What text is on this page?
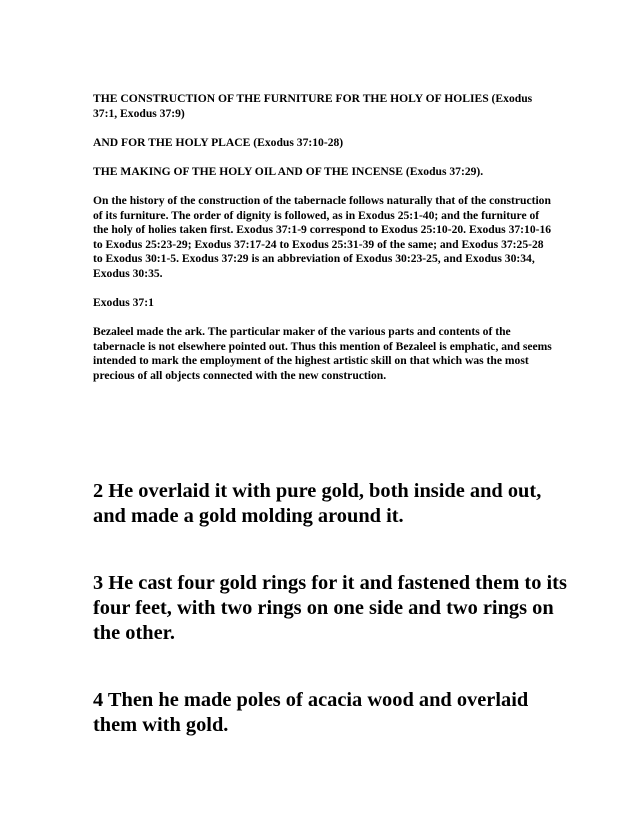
THE CONSTRUCTION OF THE FURNITURE FOR THE HOLY OF HOLIES (Exodus 37:1, Exodus 37:9)

AND FOR THE HOLY PLACE (Exodus 37:10-28)

THE MAKING OF THE HOLY OIL AND OF THE INCENSE (Exodus 37:29).

On the history of the construction of the tabernacle follows naturally that of the construction of its furniture. The order of dignity is followed, as in Exodus 25:1-40; and the furniture of the holy of holies taken first. Exodus 37:1-9 correspond to Exodus 25:10-20. Exodus 37:10-16 to Exodus 25:23-29; Exodus 37:17-24 to Exodus 25:31-39 of the same; and Exodus 37:25-28 to Exodus 30:1-5. Exodus 37:29 is an abbreviation of Exodus 30:23-25, and Exodus 30:34, Exodus 30:35.

Exodus 37:1

Bezaleel made the ark. The particular maker of the various parts and contents of the tabernacle is not elsewhere pointed out. Thus this mention of Bezaleel is emphatic, and seems intended to mark the employment of the highest artistic skill on that which was the most precious of all objects connected with the new construction.

2 He overlaid it with pure gold, both inside and out, and made a gold molding around it.

3 He cast four gold rings for it and fastened them to its four feet, with two rings on one side and two rings on the other.

4 Then he made poles of acacia wood and overlaid them with gold.
